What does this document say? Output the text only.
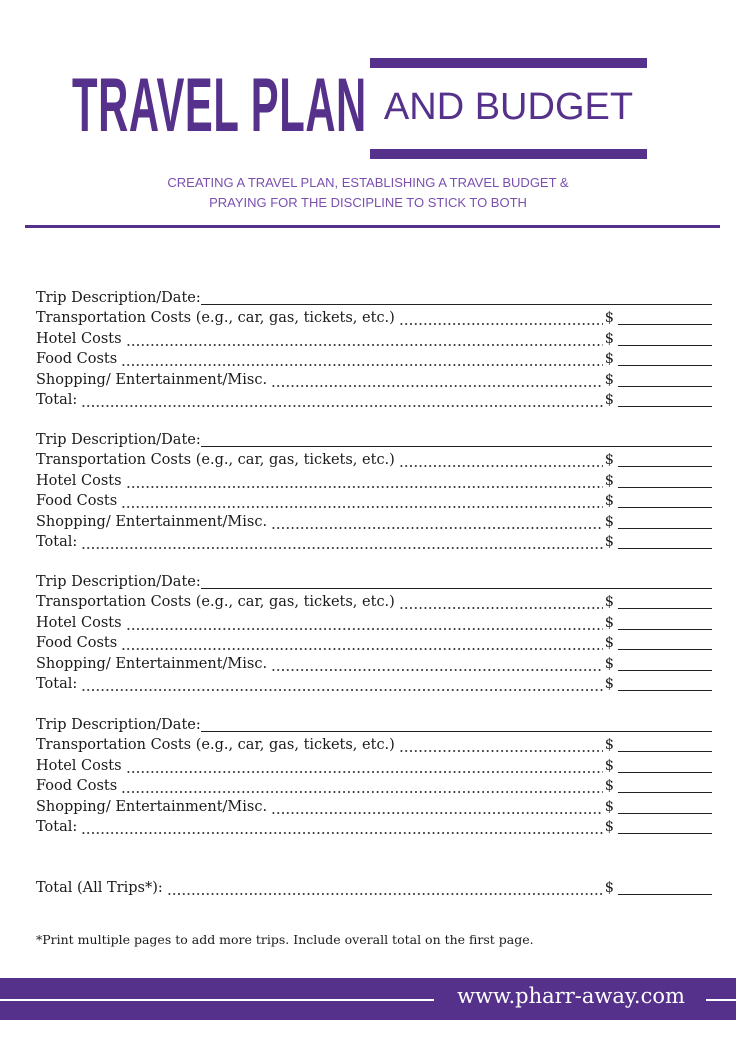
TRAVEL PLAN AND BUDGET
CREATING A TRAVEL PLAN, ESTABLISHING A TRAVEL BUDGET &
PRAYING FOR THE DISCIPLINE TO STICK TO BOTH
Trip Description/Date:
Transportation Costs (e.g., car, gas, tickets, etc.)	$
Hotel Costs	$
Food Costs	$
Shopping/ Entertainment/Misc.	$
Total:	$
Trip Description/Date:
Transportation Costs (e.g., car, gas, tickets, etc.)	$
Hotel Costs	$
Food Costs	$
Shopping/ Entertainment/Misc.	$
Total:	$
Trip Description/Date:
Transportation Costs (e.g., car, gas, tickets, etc.)	$
Hotel Costs	$
Food Costs	$
Shopping/ Entertainment/Misc.	$
Total:	$
Trip Description/Date:
Transportation Costs (e.g., car, gas, tickets, etc.)	$
Hotel Costs	$
Food Costs	$
Shopping/ Entertainment/Misc.	$
Total:	$
Total (All Trips*):	$
*Print multiple pages to add more trips. Include overall total on the first page.
www.pharr-away.com
